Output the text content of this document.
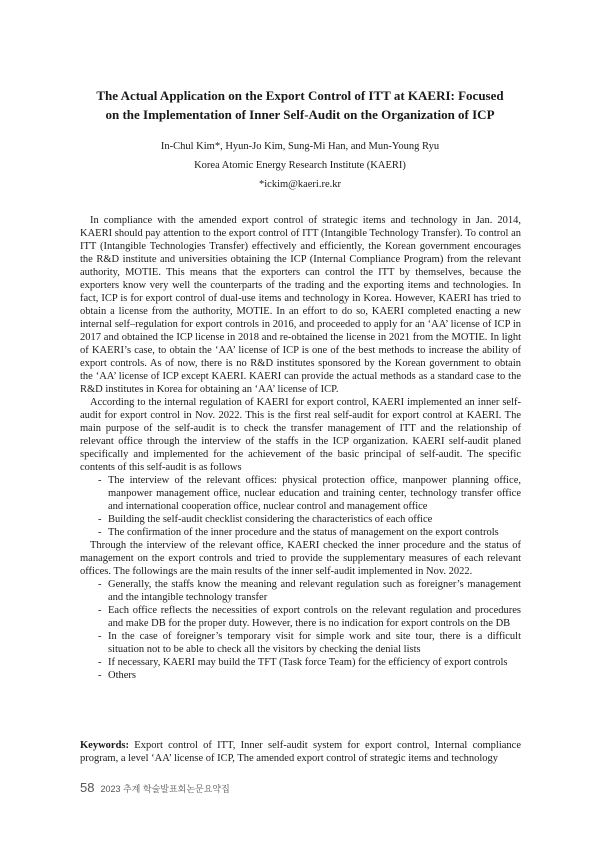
The Actual Application on the Export Control of ITT at KAERI: Focused
on the Implementation of Inner Self-Audit on the Organization of ICP
In-Chul Kim*, Hyun-Jo Kim, Sung-Mi Han, and Mun-Young Ryu
Korea Atomic Energy Research Institute (KAERI)
*ickim@kaeri.re.kr

In compliance with the amended export control of strategic items and technology in Jan. 2014, KAERI should pay attention to the export control of ITT (Intangible Technology Transfer). To control an ITT (Intangible Technologies Transfer) effectively and efficiently, the Korean government encourages the R&D institute and universities obtaining the ICP (Internal Compliance Program) from the relevant authority, MOTIE. This means that the exporters can control the ITT by themselves, because the exporters know very well the counterparts of the trading and the exporting items and technologies. In fact, ICP is for export control of dual-use items and technology in Korea. However, KAERI has tried to obtain a license from the authority, MOTIE. In an effort to do so, KAERI completed enacting a new internal self–regulation for export controls in 2016, and proceeded to apply for an ‘AA’ license of ICP in 2017 and obtained the ICP license in 2018 and re-obtained the license in 2021 from the MOTIE. In light of KAERI’s case, to obtain the ‘AA’ license of ICP is one of the best methods to increase the ability of export controls. As of now, there is no R&D institutes sponsored by the Korean government to obtain the ‘AA’ license of ICP except KAERI. KAERI can provide the actual methods as a standard case to the R&D institutes in Korea for obtaining an ‘AA’ license of ICP.

According to the internal regulation of KAERI for export control, KAERI implemented an inner self-audit for export control in Nov. 2022. This is the first real self-audit for export control at KAERI. The main purpose of the self-audit is to check the transfer management of ITT and the relationship of relevant office through the interview of the staffs in the ICP organization. KAERI self-audit planed specifically and implemented for the achievement of the basic principal of self-audit. The specific contents of this self-audit is as follows

- The interview of the relevant offices: physical protection office, manpower planning office, manpower management office, nuclear education and training center, technology transfer office and international cooperation office, nuclear control and management office
- Building the self-audit checklist considering the characteristics of each office
- The confirmation of the inner procedure and the status of management on the export controls

Through the interview of the relevant office, KAERI checked the inner procedure and the status of management on the export controls and tried to provide the supplementary measures of each relevant offices. The followings are the main results of the inner self-audit implemented in Nov. 2022.

- Generally, the staffs know the meaning and relevant regulation such as foreigner’s management and the intangible technology transfer
- Each office reflects the necessities of export controls on the relevant regulation and procedures and make DB for the proper duty. However, there is no indication for export controls on the DB
- In the case of foreigner’s temporary visit for simple work and site tour, there is a difficult situation not to be able to check all the visitors by checking the denial lists
- If necessary, KAERI may build the TFT (Task force Team) for the efficiency of export controls
- Others
Keywords: Export control of ITT, Inner self-audit system for export control, Internal compliance program, a level ‘AA’ license of ICP, The amended export control of strategic items and technology
58 2023 추계 학술발표회논문요약집
